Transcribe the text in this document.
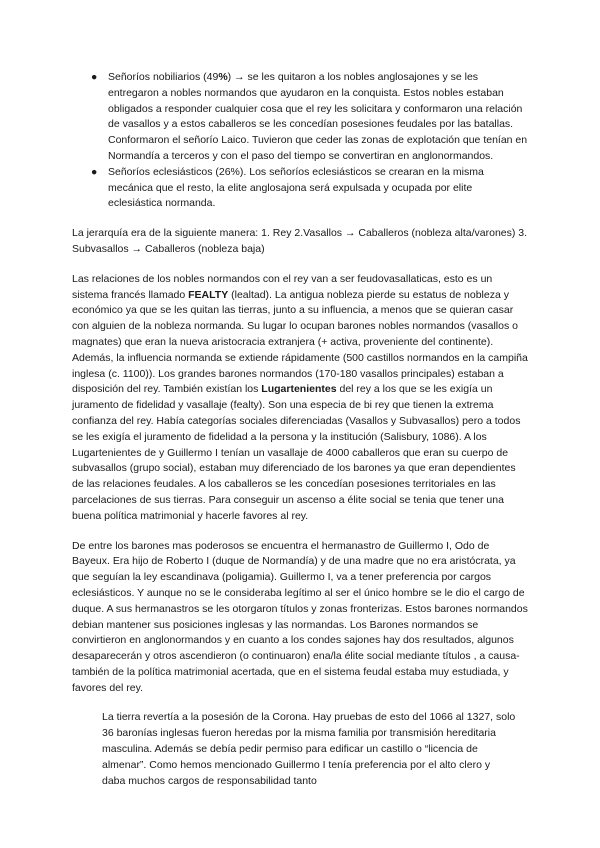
● Señoríos nobiliarios (49%) → se les quitaron a los nobles anglosajones y se les entregaron a nobles normandos que ayudaron en la conquista. Estos nobles estaban obligados a responder cualquier cosa que el rey les solicitara y conformaron una relación de vasallos y a estos caballeros se les concedían posesiones feudales por las batallas. Conformaron el señorío Laico. Tuvieron que ceder las zonas de explotación que tenían en Normandía a terceros y con el paso del tiempo se convertiran en anglonormandos.
● Señoríos eclesiásticos (26%). Los señoríos eclesiásticos se crearan en la misma mecánica que el resto, la elite anglosajona será expulsada y ocupada por elite eclesiástica normanda.

La jerarquía era de la siguiente manera: 1. Rey 2.Vasallos → Caballeros (nobleza alta/varones) 3. Subvasallos → Caballeros (nobleza baja)

Las relaciones de los nobles normandos con el rey van a ser feudovasallaticas, esto es un sistema francés llamado FEALTY (lealtad). La antigua nobleza pierde su estatus de nobleza y económico ya que se les quitan las tierras, junto a su influencia, a menos que se quieran casar con alguien de la nobleza normanda. Su lugar lo ocupan barones nobles normandos (vasallos o magnates) que eran la nueva aristocracia extranjera (+ activa, proveniente del continente). Además, la influencia normanda se extiende rápidamente (500 castillos normandos en la campiña inglesa (c. 1100)). Los grandes barones normandos (170-180 vasallos principales) estaban a disposición del rey. También existían los Lugartenientes del rey a los que se les exigía un juramento de fidelidad y vasallaje (fealty). Son una especia de bi rey que tienen la extrema confianza del rey. Había categorías sociales diferenciadas (Vasallos y Subvasallos) pero a todos se les exigía el juramento de fidelidad a la persona y la institución (Salisbury, 1086). A los Lugartenientes de y Guillermo I tenían un vasallaje de 4000 caballeros que eran su cuerpo de subvasallos (grupo social), estaban muy diferenciado de los barones ya que eran dependientes de las relaciones feudales. A los caballeros se les concedían posesiones territoriales en las parcelaciones de sus tierras. Para conseguir un ascenso a élite social se tenia que tener una buena política matrimonial y hacerle favores al rey.

De entre los barones mas poderosos se encuentra el hermanastro de Guillermo I, Odo de Bayeux. Era hijo de Roberto I (duque de Normandía) y de una madre que no era aristócrata, ya que seguían la ley escandinava (poligamia). Guillermo I, va a tener preferencia por cargos eclesiásticos. Y aunque no se le consideraba legítimo al ser el único hombre se le dio el cargo de duque. A sus hermanastros se les otorgaron títulos y zonas fronterizas. Estos barones normandos debian mantener sus posiciones inglesas y las normandas. Los Barones normandos se convirtieron en anglonormandos y en cuanto a los condes sajones hay dos resultados, algunos desaparecerán y otros ascendieron (o continuaron) ena/la élite social mediante títulos , a causa- también de la política matrimonial acertada, que en el sistema feudal estaba muy estudiada, y favores del rey.

La tierra revertía a la posesión de la Corona. Hay pruebas de esto del 1066 al 1327, solo 36 baronías inglesas fueron heredas por la misma familia por transmisión hereditaria masculina. Además se debía pedir permiso para edificar un castillo o “licencia de almenar”. Como hemos mencionado Guillermo I tenía preferencia por el alto clero y daba muchos cargos de responsabilidad tanto
